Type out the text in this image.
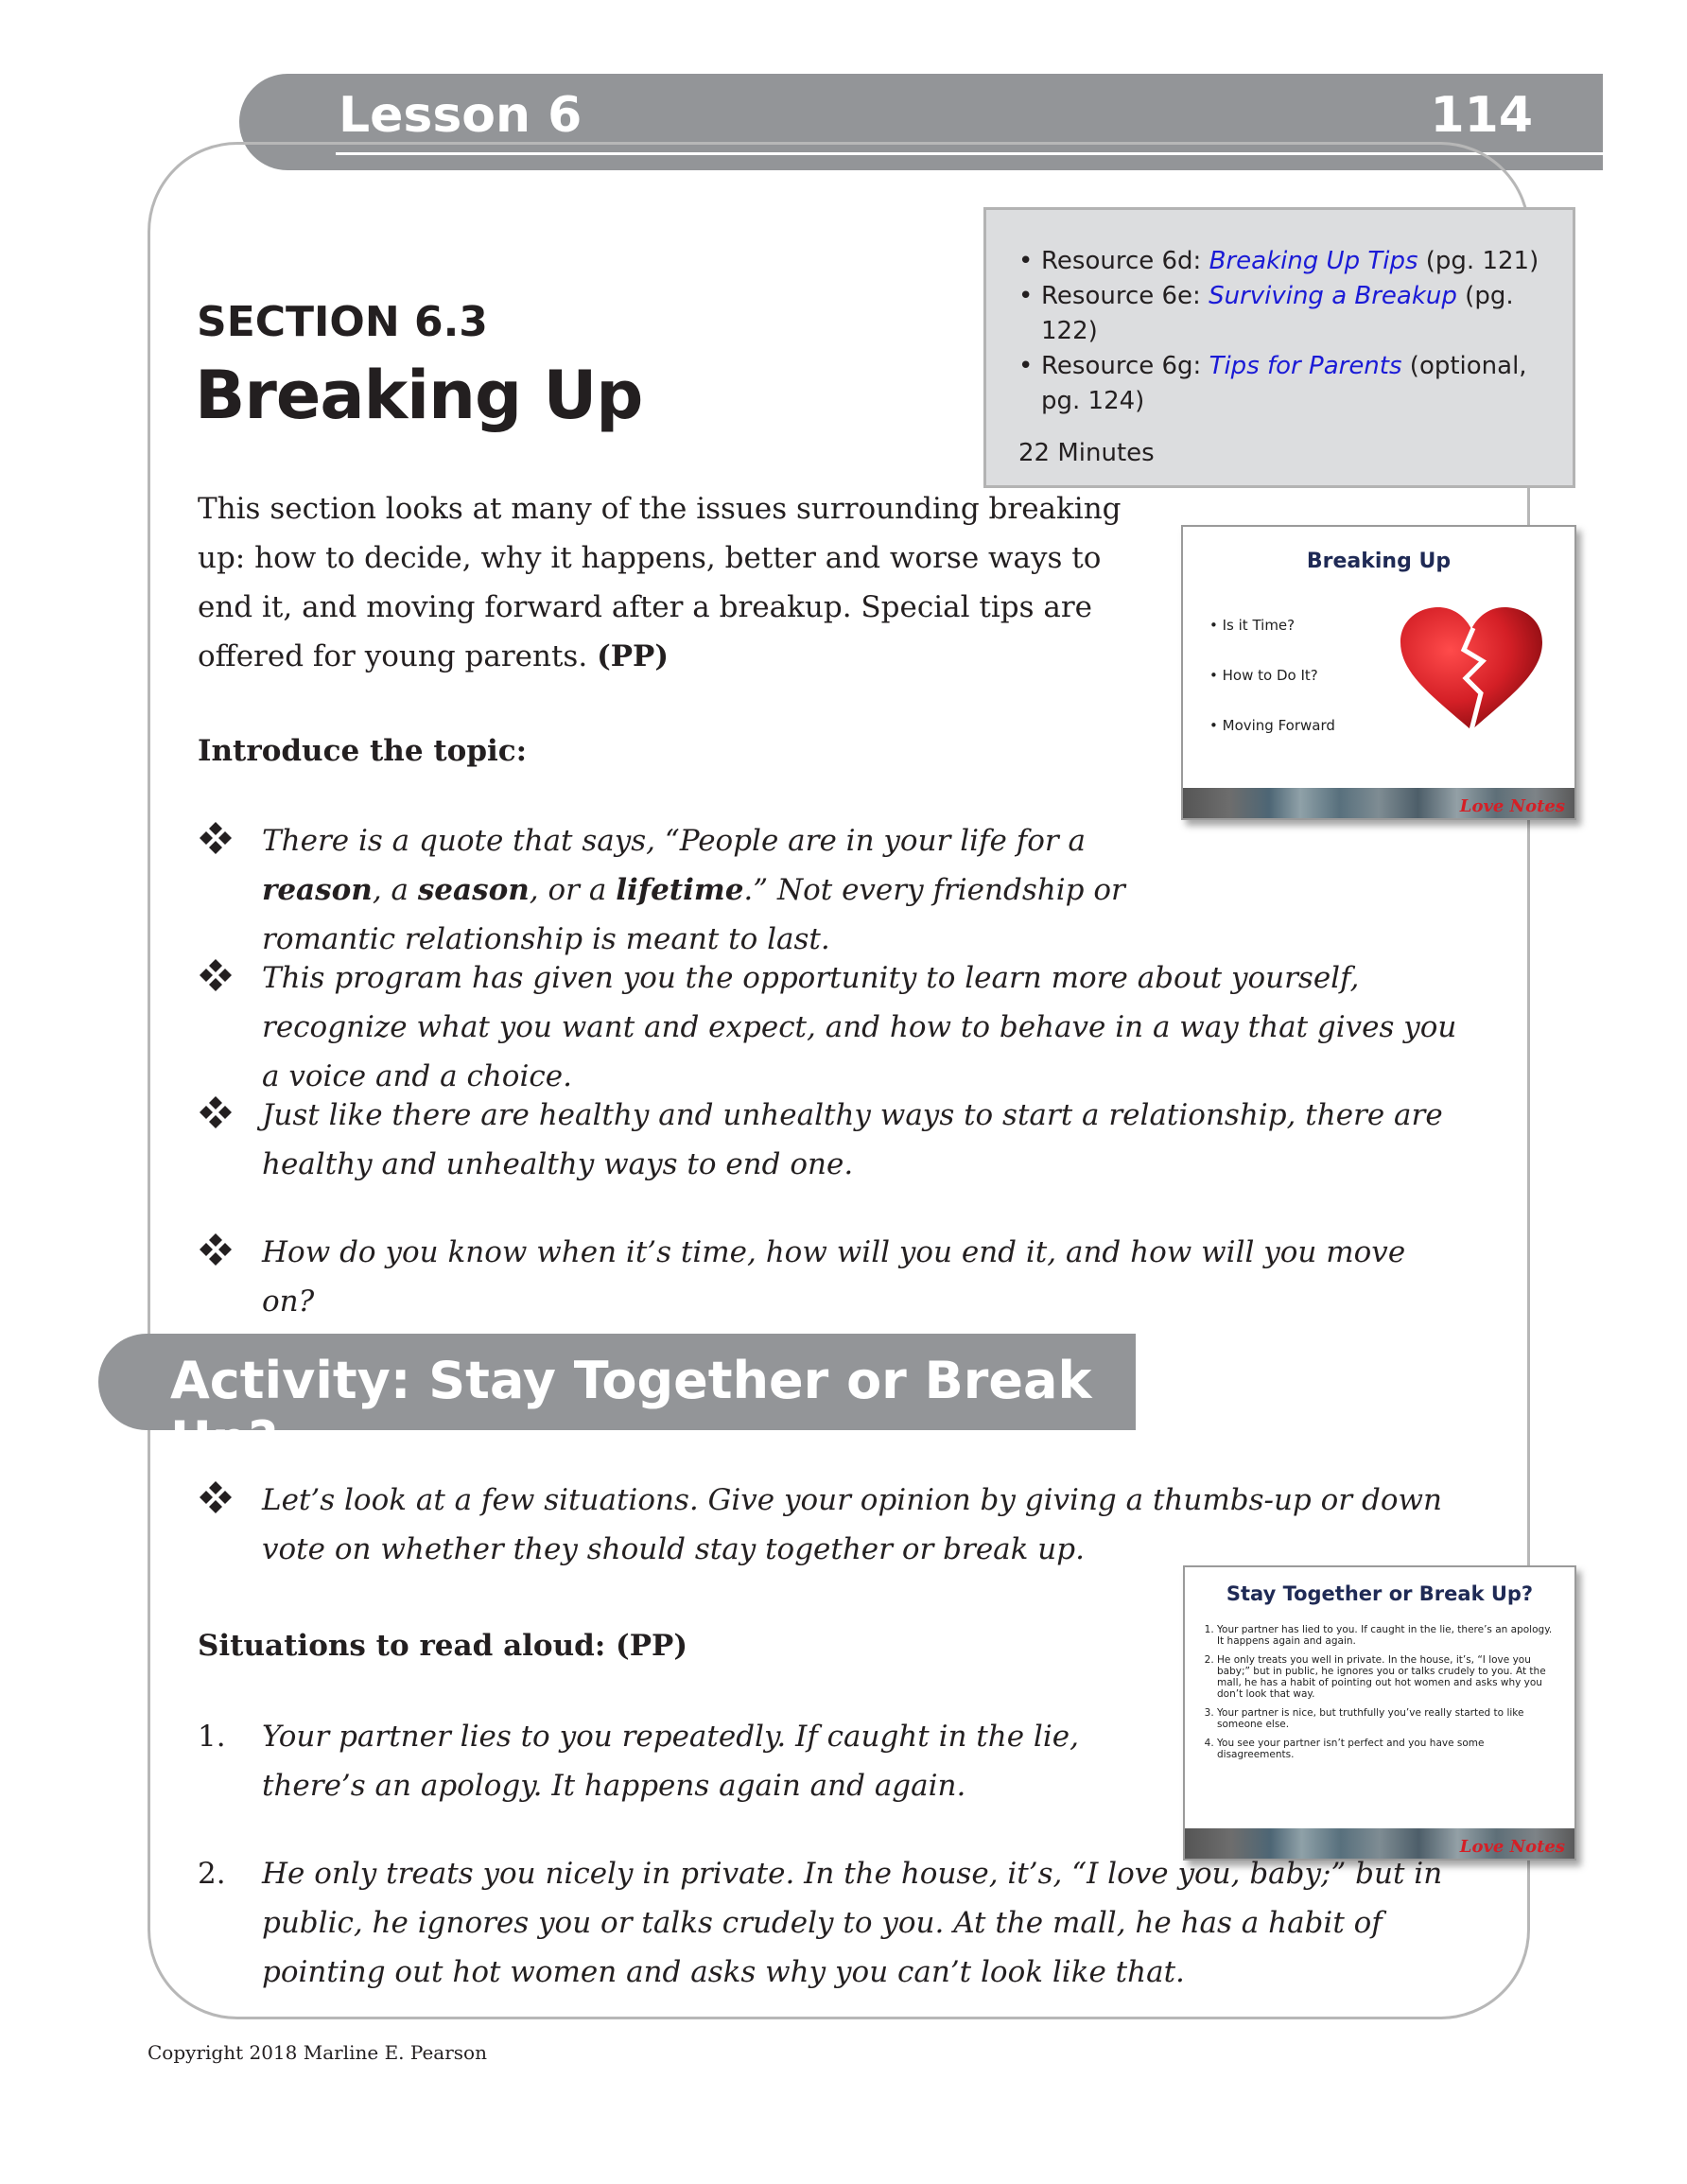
Lesson 6	114
• Resource 6d: Breaking Up Tips (pg. 121)
• Resource 6e: Surviving a Breakup (pg. 122)
• Resource 6g: Tips for Parents (optional, pg. 124)
22 Minutes
SECTION 6.3
Breaking Up
This section looks at many of the issues surrounding breaking up: how to decide, why it happens, better and worse ways to end it, and moving forward after a breakup. Special tips are offered for young parents. (PP)
Introduce the topic:
Breaking Up
• Is it Time?
• How to Do It?
• Moving Forward
Love Notes
There is a quote that says, “People are in your life for a reason, a season, or a lifetime.” Not every friendship or romantic relationship is meant to last.
This program has given you the opportunity to learn more about yourself, recognize what you want and expect, and how to behave in a way that gives you a voice and a choice.
Just like there are healthy and unhealthy ways to start a relationship, there are healthy and unhealthy ways to end one.
How do you know when it’s time, how will you end it, and how will you move on?
Activity: Stay Together or Break Up?
Let’s look at a few situations. Give your opinion by giving a thumbs-up or down vote on whether they should stay together or break up.
Stay Together or Break Up?
1. Your partner has lied to you. If caught in the lie, there’s an apology. It happens again and again.
2. He only treats you well in private. In the house, it’s, “I love you baby;” but in public, he ignores you or talks crudely to you. At the mall, he has a habit of pointing out hot women and asks why you don’t look that way.
3. Your partner is nice, but truthfully you’ve really started to like someone else.
4. You see your partner isn’t perfect and you have some disagreements.
Love Notes
Situations to read aloud: (PP)
1. Your partner lies to you repeatedly. If caught in the lie, there’s an apology. It happens again and again.
2. He only treats you nicely in private. In the house, it’s, “I love you, baby;” but in public, he ignores you or talks crudely to you. At the mall, he has a habit of pointing out hot women and asks why you can’t look like that.
Copyright 2018 Marline E. Pearson
